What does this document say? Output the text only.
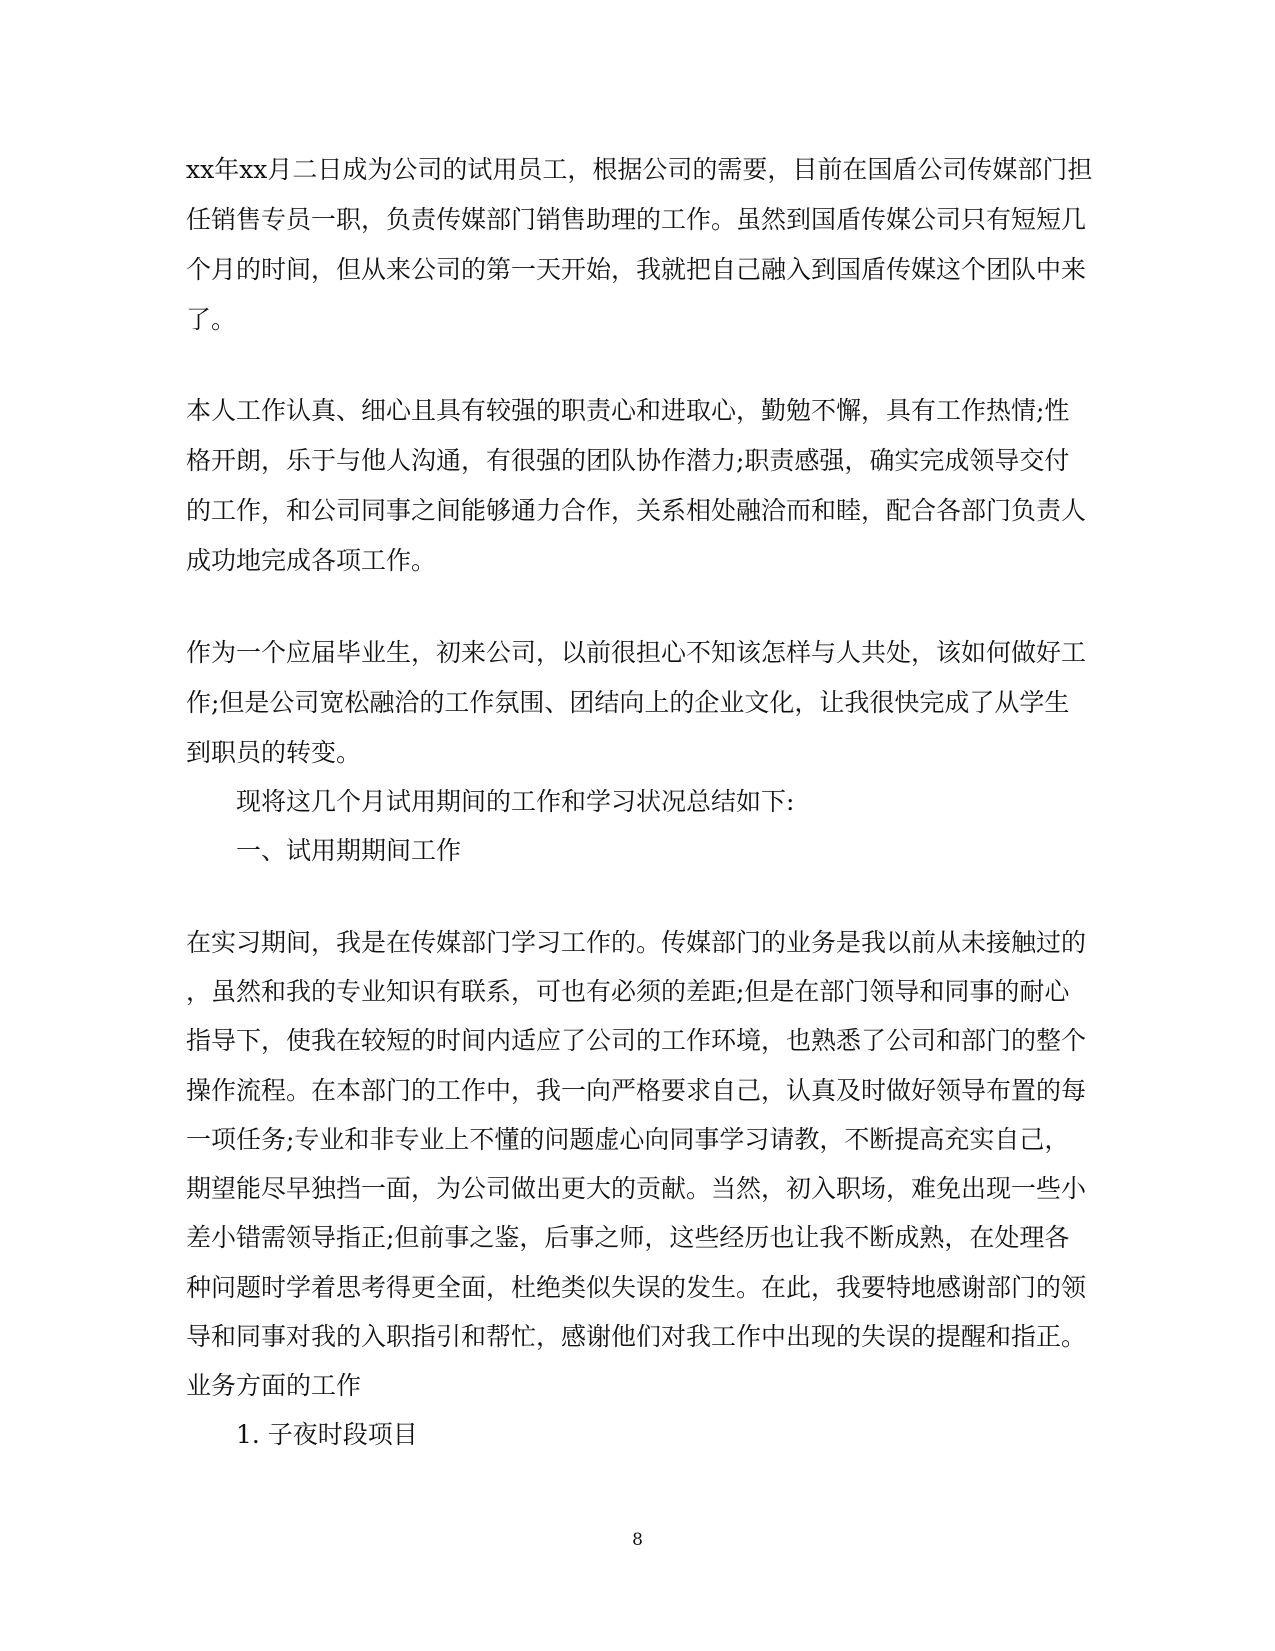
xx年xx月二日成为公司的试用员工，根据公司的需要，目前在国盾公司传媒部门担

任销售专员一职，负责传媒部门销售助理的工作。虽然到国盾传媒公司只有短短几

个月的时间，但从来公司的第一天开始，我就把自己融入到国盾传媒这个团队中来

了。

本人工作认真、细心且具有较强的职责心和进取心，勤勉不懈，具有工作热情;性

格开朗，乐于与他人沟通，有很强的团队协作潜力;职责感强，确实完成领导交付

的工作，和公司同事之间能够通力合作，关系相处融洽而和睦，配合各部门负责人

成功地完成各项工作。

作为一个应届毕业生，初来公司，以前很担心不知该怎样与人共处，该如何做好工

作;但是公司宽松融洽的工作氛围、团结向上的企业文化，让我很快完成了从学生

到职员的转变。

现将这几个月试用期间的工作和学习状况总结如下:

一、试用期期间工作

在实习期间，我是在传媒部门学习工作的。传媒部门的业务是我以前从未接触过的

，虽然和我的专业知识有联系，可也有必须的差距;但是在部门领导和同事的耐心

指导下，使我在较短的时间内适应了公司的工作环境，也熟悉了公司和部门的整个

操作流程。在本部门的工作中，我一向严格要求自己，认真及时做好领导布置的每

一项任务;专业和非专业上不懂的问题虚心向同事学习请教，不断提高充实自己，

期望能尽早独挡一面，为公司做出更大的贡献。当然，初入职场，难免出现一些小

差小错需领导指正;但前事之鉴，后事之师，这些经历也让我不断成熟，在处理各

种问题时学着思考得更全面，杜绝类似失误的发生。在此，我要特地感谢部门的领

导和同事对我的入职指引和帮忙，感谢他们对我工作中出现的失误的提醒和指正。

业务方面的工作

1. 子夜时段项目

8
